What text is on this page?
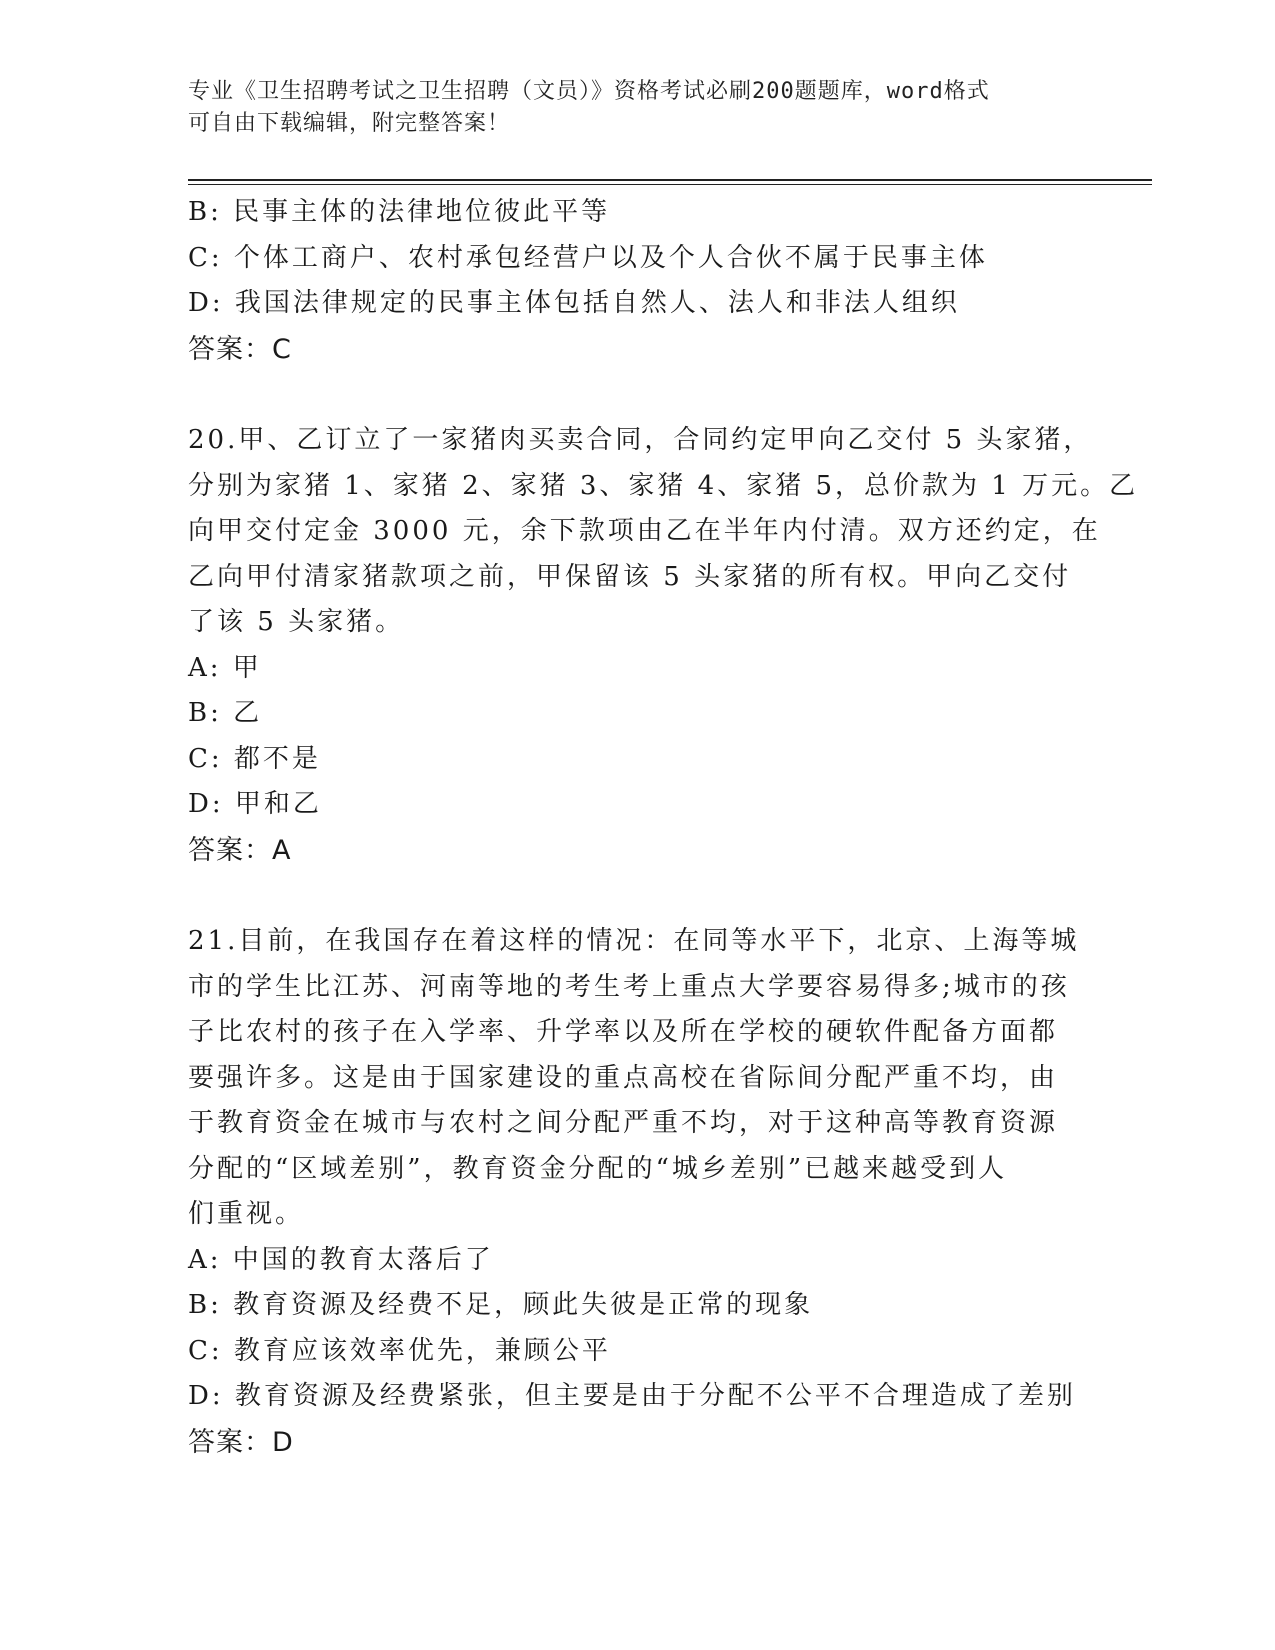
专业《卫生招聘考试之卫生招聘（文员）》资格考试必刷200题题库，word格式
可自由下载编辑，附完整答案！
B: 民事主体的法律地位彼此平等
C: 个体工商户、农村承包经营户以及个人合伙不属于民事主体
D: 我国法律规定的民事主体包括自然人、法人和非法人组织
答案：C
20.甲、乙订立了一家猪肉买卖合同，合同约定甲向乙交付 5 头家猪，
分别为家猪 1、家猪 2、家猪 3、家猪 4、家猪 5，总价款为 1 万元。乙
向甲交付定金 3000 元，余下款项由乙在半年内付清。双方还约定，在
乙向甲付清家猪款项之前，甲保留该 5 头家猪的所有权。甲向乙交付
了该 5 头家猪。
A: 甲
B: 乙
C: 都不是
D: 甲和乙
答案：A
21.目前，在我国存在着这样的情况：在同等水平下，北京、上海等城
市的学生比江苏、河南等地的考生考上重点大学要容易得多;城市的孩
子比农村的孩子在入学率、升学率以及所在学校的硬软件配备方面都
要强许多。这是由于国家建设的重点高校在省际间分配严重不均，由
于教育资金在城市与农村之间分配严重不均，对于这种高等教育资源
分配的“区域差别”，教育资金分配的“城乡差别”已越来越受到人
们重视。
A: 中国的教育太落后了
B: 教育资源及经费不足，顾此失彼是正常的现象
C: 教育应该效率优先，兼顾公平
D: 教育资源及经费紧张，但主要是由于分配不公平不合理造成了差别
答案：D
